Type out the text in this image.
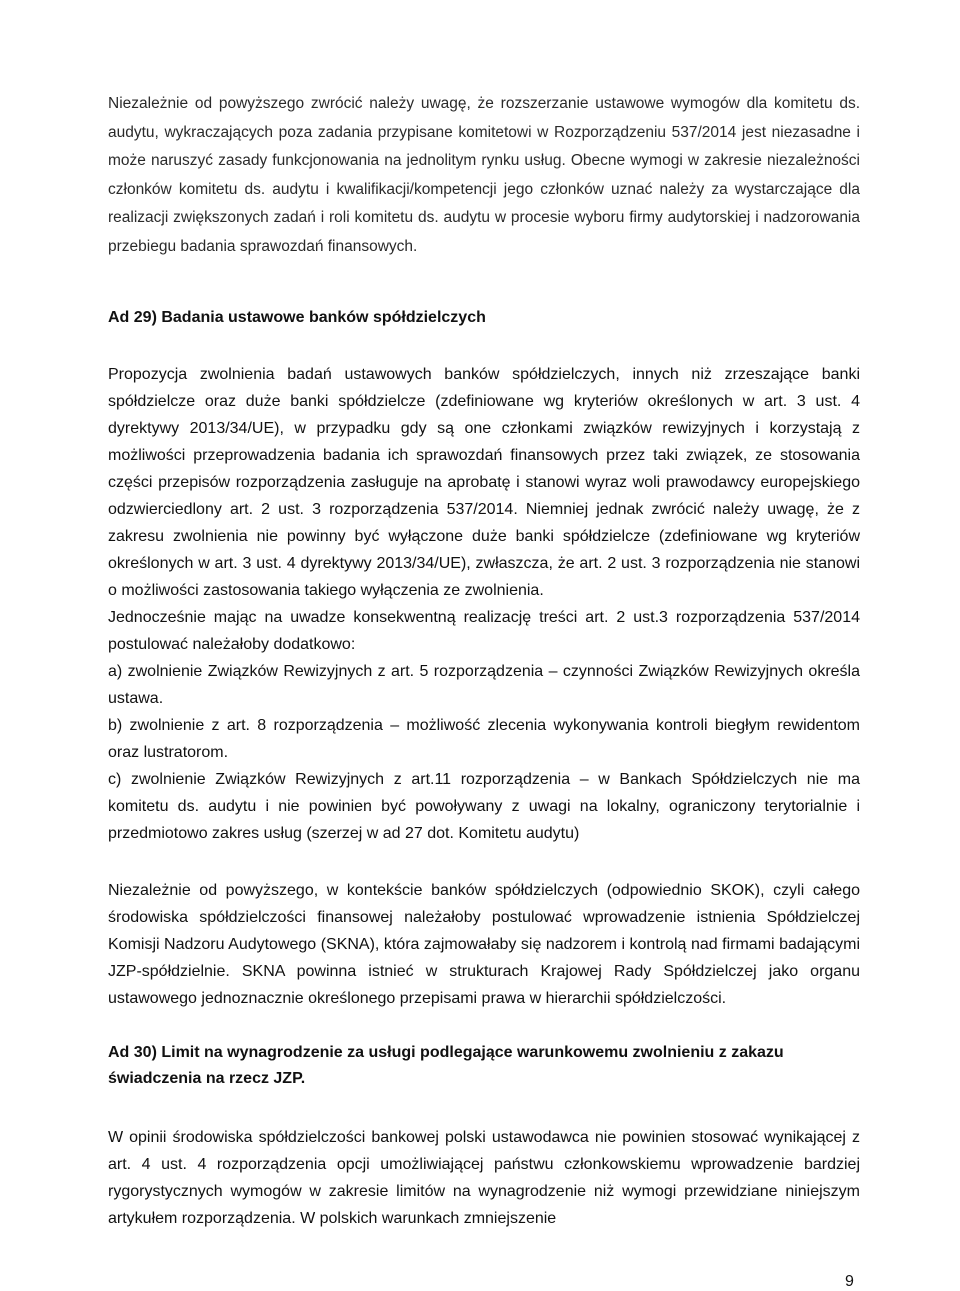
Niezależnie od powyższego zwrócić należy uwagę, że rozszerzanie ustawowe wymogów dla komitetu ds. audytu, wykraczających poza zadania przypisane komitetowi w Rozporządzeniu 537/2014 jest niezasadne i może naruszyć zasady funkcjonowania na jednolitym rynku usług. Obecne wymogi w zakresie niezależności członków komitetu ds. audytu i kwalifikacji/kompetencji jego członków uznać należy za wystarczające dla realizacji zwiększonych zadań i roli komitetu ds. audytu w procesie wyboru firmy audytorskiej i nadzorowania przebiegu badania sprawozdań finansowych.

Ad 29) Badania ustawowe banków spółdzielczych

Propozycja zwolnienia badań ustawowych banków spółdzielczych, innych niż zrzeszające banki spółdzielcze oraz duże banki spółdzielcze (zdefiniowane wg kryteriów określonych w art. 3 ust. 4 dyrektywy 2013/34/UE), w przypadku gdy są one członkami związków rewizyjnych i korzystają z możliwości przeprowadzenia badania ich sprawozdań finansowych przez taki związek, ze stosowania części przepisów rozporządzenia zasługuje na aprobatę i stanowi wyraz woli prawodawcy europejskiego odzwierciedlony art. 2 ust. 3 rozporządzenia 537/2014. Niemniej jednak zwrócić należy uwagę, że z zakresu zwolnienia nie powinny być wyłączone duże banki spółdzielcze (zdefiniowane wg kryteriów określonych w art. 3 ust. 4 dyrektywy 2013/34/UE), zwłaszcza, że art. 2 ust. 3 rozporządzenia nie stanowi o możliwości zastosowania takiego wyłączenia ze zwolnienia.

Jednocześnie mając na uwadze konsekwentną realizację treści art. 2 ust.3 rozporządzenia 537/2014 postulować należałoby dodatkowo:

a) zwolnienie Związków Rewizyjnych z art. 5 rozporządzenia – czynności Związków Rewizyjnych określa ustawa.

b) zwolnienie z art. 8 rozporządzenia – możliwość zlecenia wykonywania kontroli biegłym rewidentom oraz lustratorom.

c) zwolnienie Związków Rewizyjnych z art.11 rozporządzenia – w Bankach Spółdzielczych nie ma komitetu ds. audytu i nie powinien być powoływany z uwagi na lokalny, ograniczony terytorialnie i przedmiotowo zakres usług (szerzej w ad 27 dot. Komitetu audytu)

Niezależnie od powyższego, w kontekście banków spółdzielczych (odpowiednio SKOK), czyli całego środowiska spółdzielczości finansowej należałoby postulować wprowadzenie istnienia Spółdzielczej Komisji Nadzoru Audytowego (SKNA), która zajmowałaby się nadzorem i kontrolą nad firmami badającymi JZP-spółdzielnie. SKNA powinna istnieć w strukturach Krajowej Rady Spółdzielczej jako organu ustawowego jednoznacznie określonego przepisami prawa w hierarchii spółdzielczości.

Ad 30) Limit na wynagrodzenie za usługi podlegające warunkowemu zwolnieniu z zakazu świadczenia na rzecz JZP.

W opinii środowiska spółdzielczości bankowej polski ustawodawca nie powinien stosować wynikającej z art. 4 ust. 4 rozporządzenia opcji umożliwiającej państwu członkowskiemu wprowadzenie bardziej rygorystycznych wymogów w zakresie limitów na wynagrodzenie niż wymogi przewidziane niniejszym artykułem rozporządzenia. W polskich warunkach zmniejszenie

9
